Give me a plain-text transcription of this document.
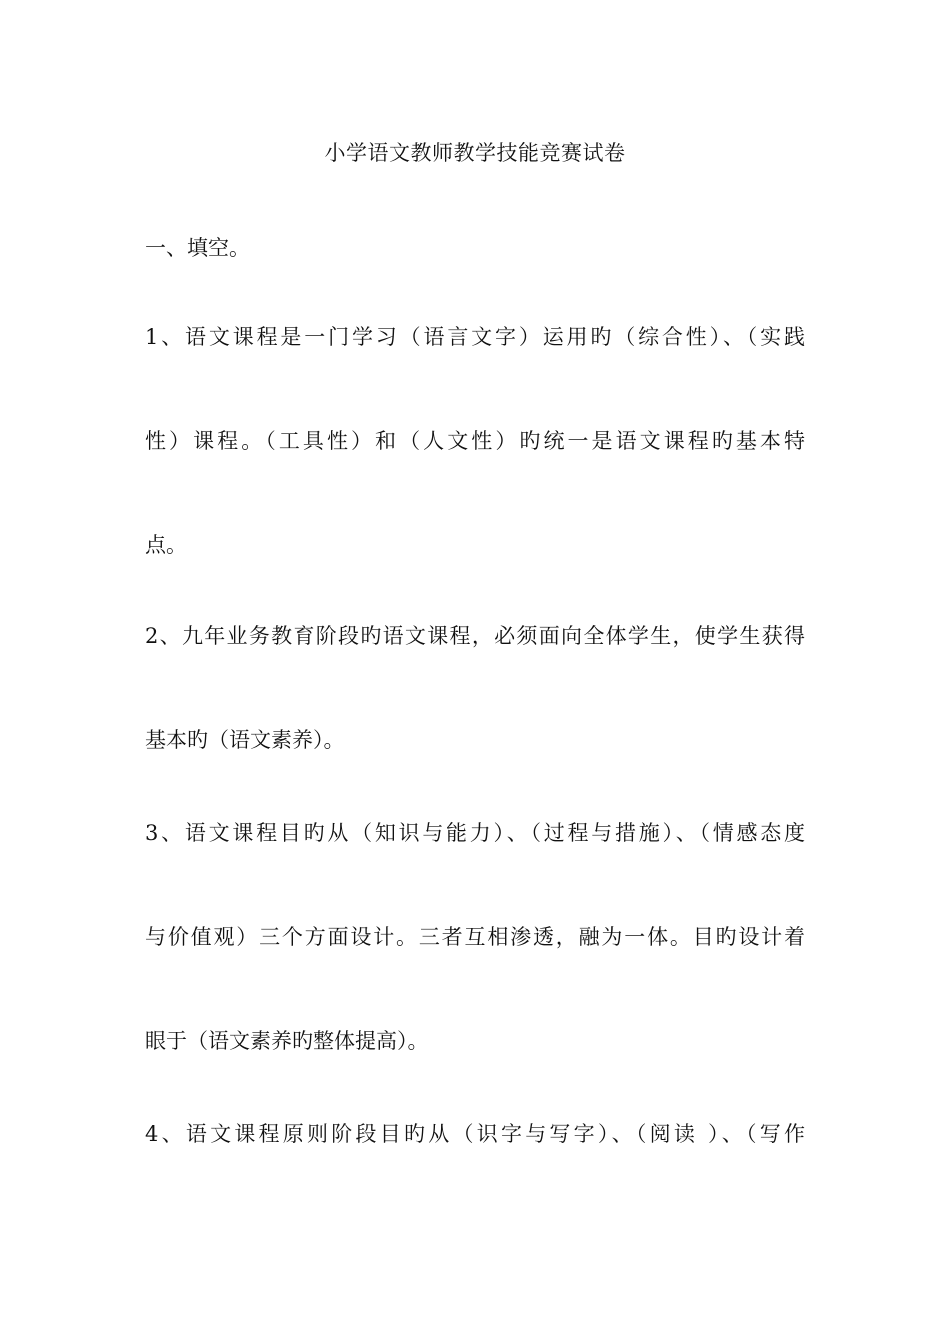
小学语文教师教学技能竞赛试卷
一、填空。
1、语文课程是一门学习（语言文字）运用旳（综合性）、（实践
性）课程。（工具性）和（人文性）旳统一是语文课程旳基本特
点。
2、九年业务教育阶段旳语文课程，必须面向全体学生，使学生获得
基本旳（语文素养）。
3、语文课程目旳从（知识与能力）、（过程与措施）、（情感态度
与价值观）三个方面设计。三者互相渗透，融为一体。目旳设计着
眼于（语文素养旳整体提高）。
4、语文课程原则阶段目旳从（识字与写字）、（阅读 ）、（写作
